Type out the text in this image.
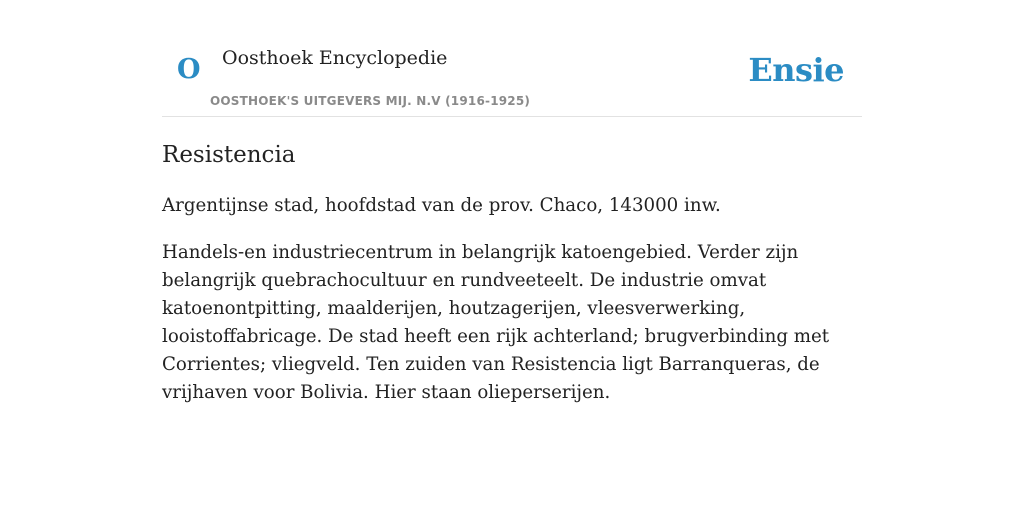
O Oosthoek Encyclopedie
OOSTHOEK'S UITGEVERS MIJ. N.V (1916-1925)
Ensie
Resistencia

Argentijnse stad, hoofdstad van de prov. Chaco, 143000 inw.

Handels-en industriecentrum in belangrijk katoengebied. Verder zijn belangrijk quebrachocultuur en rundveeteelt. De industrie omvat katoenontpitting, maalderijen, houtzagerijen, vleesverwerking, looistoffabricage. De stad heeft een rijk achterland; brugverbinding met Corrientes; vliegveld. Ten zuiden van Resistencia ligt Barranqueras, de vrijhaven voor Bolivia. Hier staan olieperserijen.
